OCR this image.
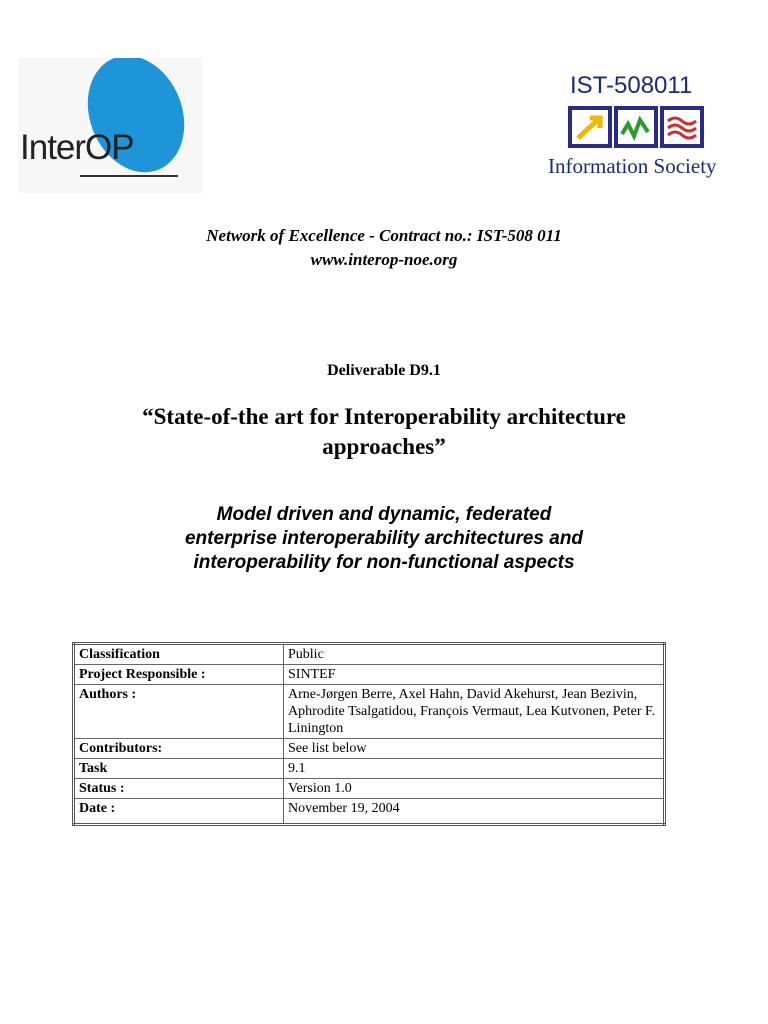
InterOP
IST-508011
Information Society
Network of Excellence - Contract no.: IST-508 011
www.interop-noe.org
Deliverable D9.1
“State-of-the art for Interoperability architecture
approaches”
Model driven and dynamic, federated
enterprise interoperability architectures and
interoperability for non-functional aspects
Classification	Public
Project Responsible :	SINTEF
Authors :	Arne-Jørgen Berre, Axel Hahn, David Akehurst, Jean Bezivin, Aphrodite Tsalgatidou, François Vermaut, Lea Kutvonen, Peter F. Linington
Contributors:	See list below
Task	9.1
Status :	Version 1.0
Date :	November 19, 2004
